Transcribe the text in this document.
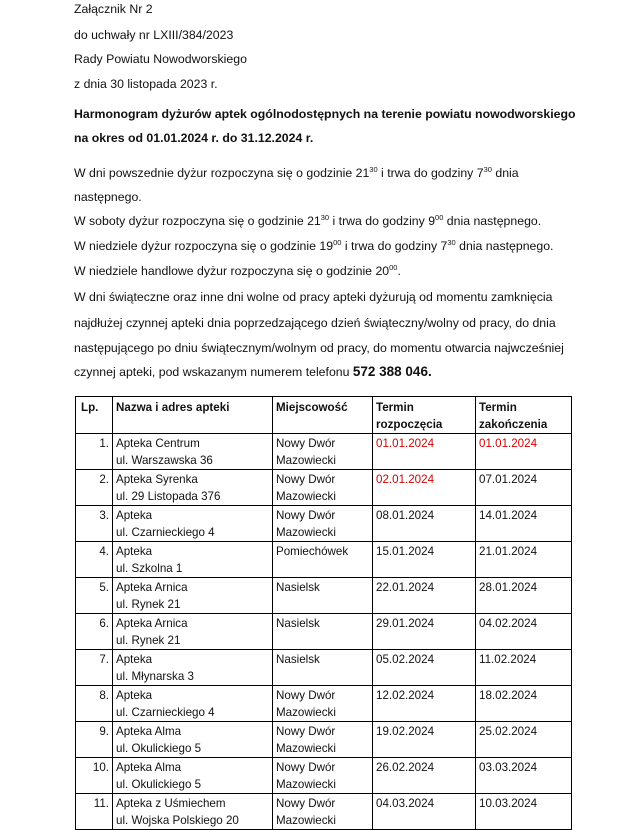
Załącznik Nr 2
do uchwały nr LXIII/384/2023
Rady Powiatu Nowodworskiego
z dnia 30 listopada 2023 r.
Harmonogram dyżurów aptek ogólnodostępnych na terenie powiatu nowodworskiego
na okres od 01.01.2024 r. do 31.12.2024 r.
W dni powszednie dyżur rozpoczyna się o godzinie $21^{30}$ i trwa do godziny $7^{30}$ dnia
następnego.
W soboty dyżur rozpoczyna się o godzinie $21^{30}$ i trwa do godziny $9^{00}$ dnia następnego.
W niedziele dyżur rozpoczyna się o godzinie $19^{00}$ i trwa do godziny $7^{30}$ dnia następnego.
W niedziele handlowe dyżur rozpoczyna się o godzinie $20^{00}$.
W dni świąteczne oraz inne dni wolne od pracy apteki dyżurują od momentu zamknięcia
najdłużej czynnej apteki dnia poprzedzającego dzień świąteczny/wolny od pracy, do dnia
następującego po dniu świątecznym/wolnym od pracy, do momentu otwarcia najwcześniej
czynnej apteki, pod wskazanym numerem telefonu 572 388 046.
Lp.	Nazwa i adres apteki	Miejscowość	Termin
rozpoczęcia	Termin
zakończenia

1.	Apteka Centrum
ul. Warszawska 36	Nowy Dwór
Mazowiecki	01.01.2024	01.01.2024
2.	Apteka Syrenka
ul. 29 Listopada 376	Nowy Dwór
Mazowiecki	02.01.2024	07.01.2024
3.	Apteka
ul. Czarnieckiego 4	Nowy Dwór
Mazowiecki	08.01.2024	14.01.2024
4.	Apteka
ul. Szkolna 1	Pomiechówek	15.01.2024	21.01.2024
5.	Apteka Arnica
ul. Rynek 21	Nasielsk	22.01.2024	28.01.2024
6.	Apteka Arnica
ul. Rynek 21	Nasielsk	29.01.2024	04.02.2024
7.	Apteka
ul. Młynarska 3	Nasielsk	05.02.2024	11.02.2024
8.	Apteka
ul. Czarnieckiego 4	Nowy Dwór
Mazowiecki	12.02.2024	18.02.2024
9.	Apteka Alma
ul. Okulickiego 5	Nowy Dwór
Mazowiecki	19.02.2024	25.02.2024
10.	Apteka Alma
ul. Okulickiego 5	Nowy Dwór
Mazowiecki	26.02.2024	03.03.2024
11.	Apteka z Uśmiechem
ul. Wojska Polskiego 20	Nowy Dwór
Mazowiecki	04.03.2024	10.03.2024
